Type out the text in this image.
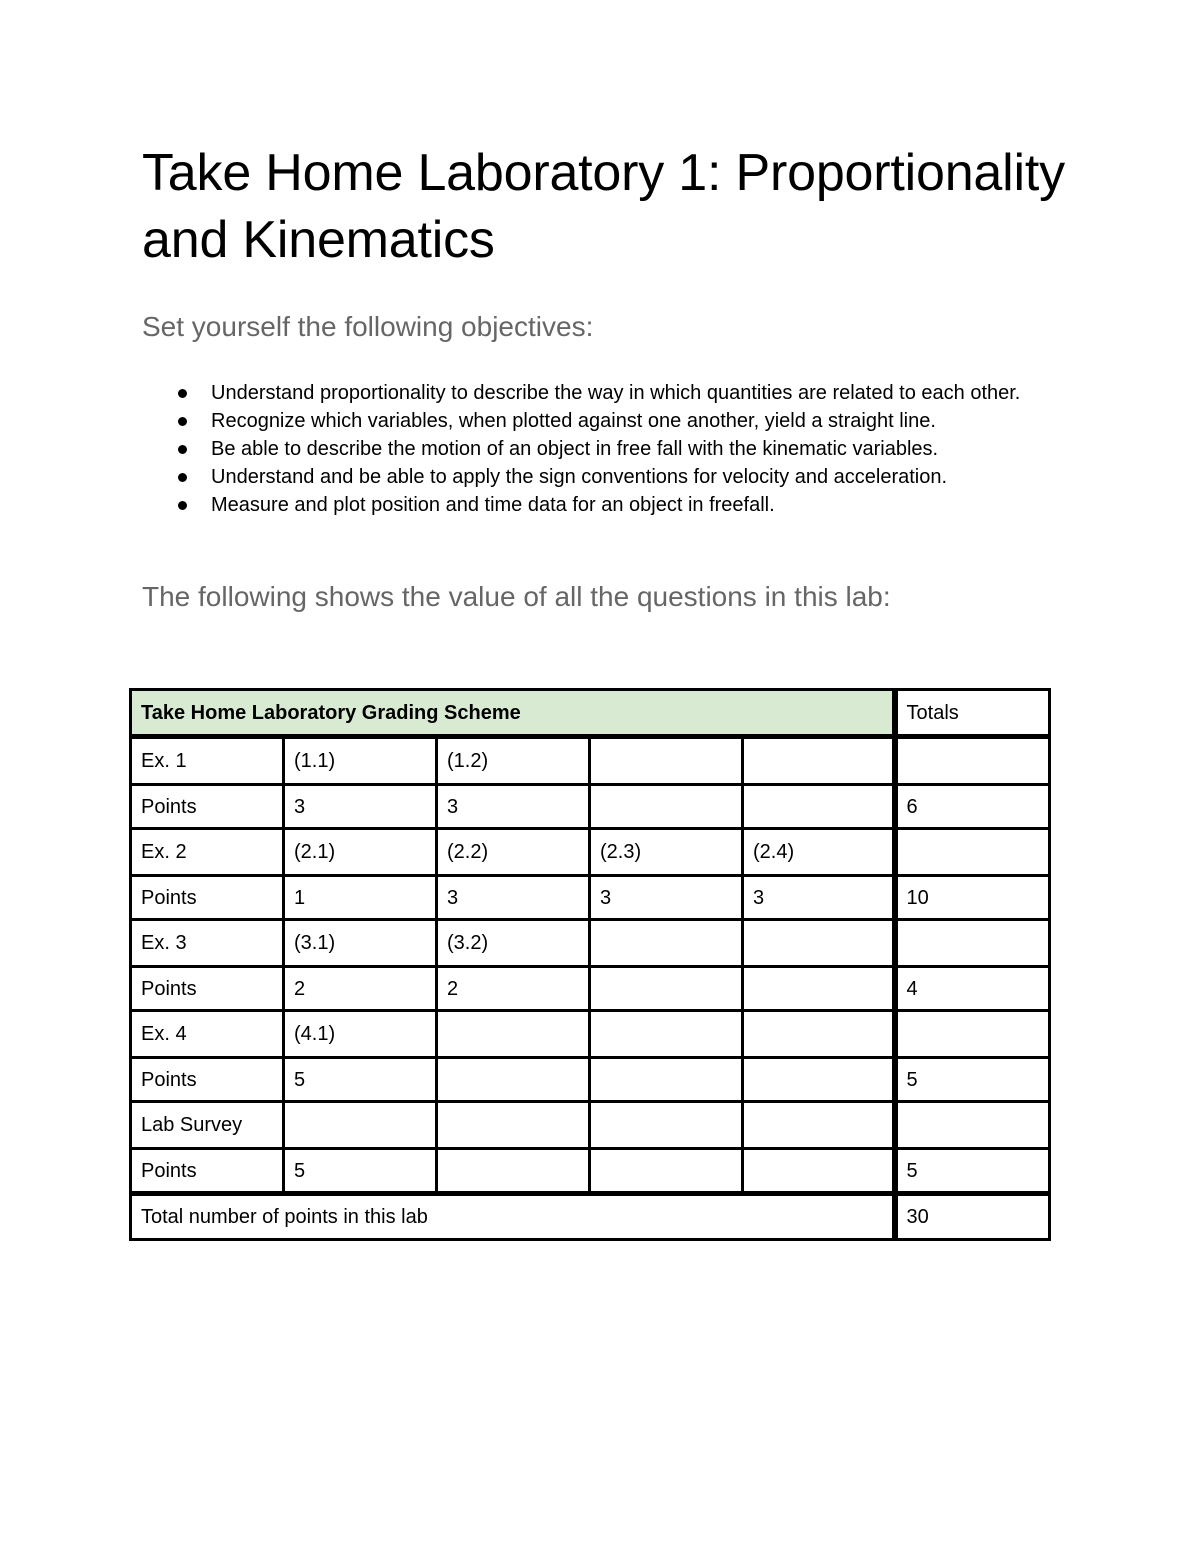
Take Home Laboratory 1: Proportionality and Kinematics
Set yourself the following objectives:
Understand proportionality to describe the way in which quantities are related to each other.
Recognize which variables, when plotted against one another, yield a straight line.
Be able to describe the motion of an object in free fall with the kinematic variables.
Understand and be able to apply the sign conventions for velocity and acceleration.
Measure and plot position and time data for an object in freefall.
The following shows the value of all the questions in this lab:
Take Home Laboratory Grading Scheme					Totals
Ex. 1	(1.1)	(1.2)			
Points	3	3			6
Ex. 2	(2.1)	(2.2)	(2.3)	(2.4)	
Points	1	3	3	3	10
Ex. 3	(3.1)	(3.2)			
Points	2	2			4
Ex. 4	(4.1)				
Points	5				5
Lab Survey					
Points	5				5
Total number of points in this lab					30
